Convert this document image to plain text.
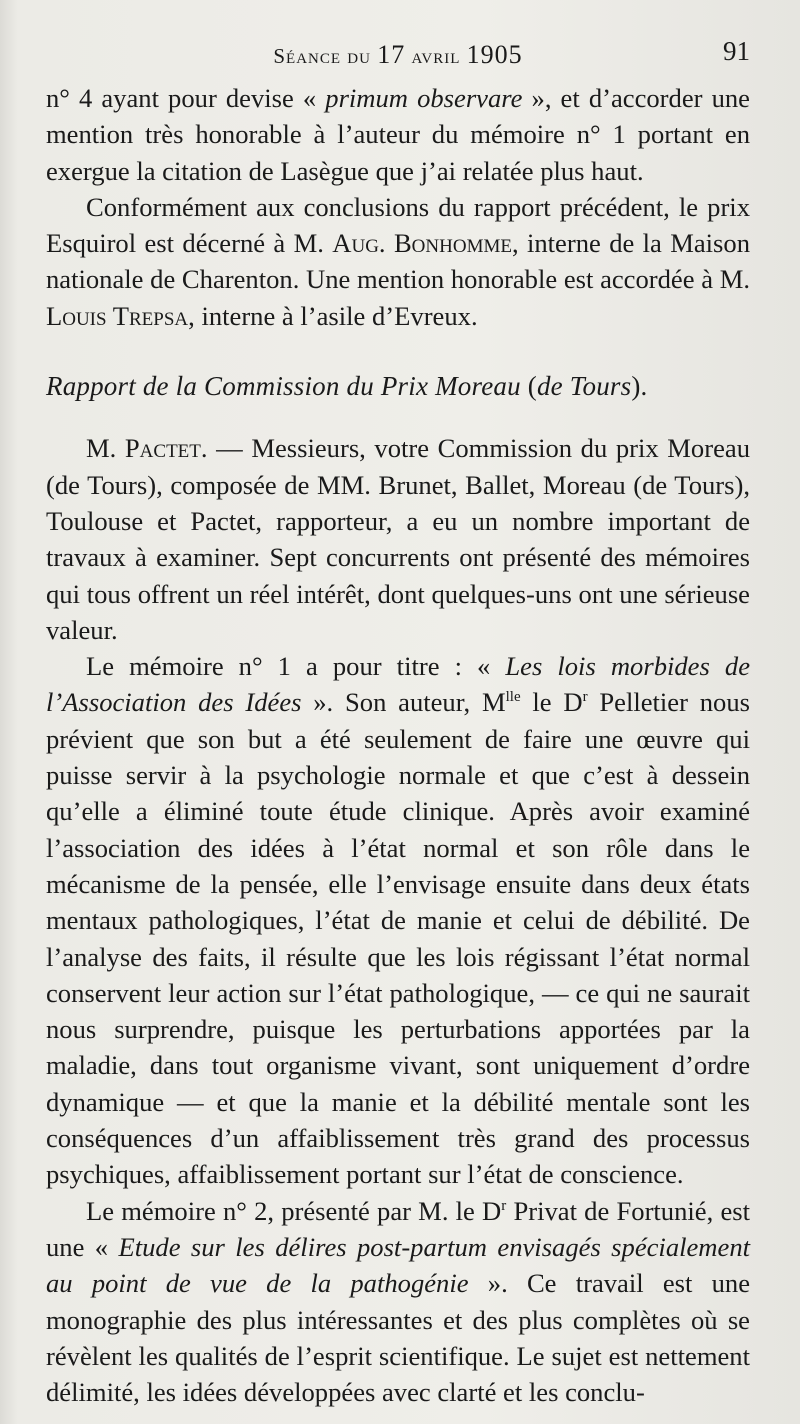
Séance du 17 avril 1905	91

n° 4 ayant pour devise « primum observare », et d’accorder une mention très honorable à l’auteur du mémoire n° 1 portant en exergue la citation de Lasègue que j’ai relatée plus haut.

Conformément aux conclusions du rapport précédent, le prix Esquirol est décerné à M. Aug. Bonhomme, interne de la Maison nationale de Charenton. Une mention honorable est accordée à M. Louis Trepsa, interne à l’asile d’Evreux.

Rapport de la Commission du Prix Moreau (de Tours).

M. Pactet. — Messieurs, votre Commission du prix Moreau (de Tours), composée de MM. Brunet, Ballet, Moreau (de Tours), Toulouse et Pactet, rapporteur, a eu un nombre important de travaux à examiner. Sept concurrents ont présenté des mémoires qui tous offrent un réel intérêt, dont quelques-uns ont une sérieuse valeur.

Le mémoire n° 1 a pour titre : « Les lois morbides de l’Association des Idées ». Son auteur, $M^{lle}$ le $D^r$ Pelletier nous prévient que son but a été seulement de faire une œuvre qui puisse servir à la psychologie normale et que c’est à dessein qu’elle a éliminé toute étude clinique. Après avoir examiné l’association des idées à l’état normal et son rôle dans le mécanisme de la pensée, elle l’envisage ensuite dans deux états mentaux pathologiques, l’état de manie et celui de débilité. De l’analyse des faits, il résulte que les lois régissant l’état normal conservent leur action sur l’état pathologique, — ce qui ne saurait nous surprendre, puisque les perturbations apportées par la maladie, dans tout organisme vivant, sont uniquement d’ordre dynamique — et que la manie et la débilité mentale sont les conséquences d’un affaiblissement très grand des processus psychiques, affaiblissement portant sur l’état de conscience.

Le mémoire n° 2, présenté par M. le $D^r$ Privat de Fortunié, est une « Etude sur les délires post-partum envisagés spécialement au point de vue de la pathogénie ». Ce travail est une monographie des plus intéressantes et des plus complètes où se révèlent les qualités de l’esprit scientifique. Le sujet est nettement délimité, les idées développées avec clarté et les conclu-
